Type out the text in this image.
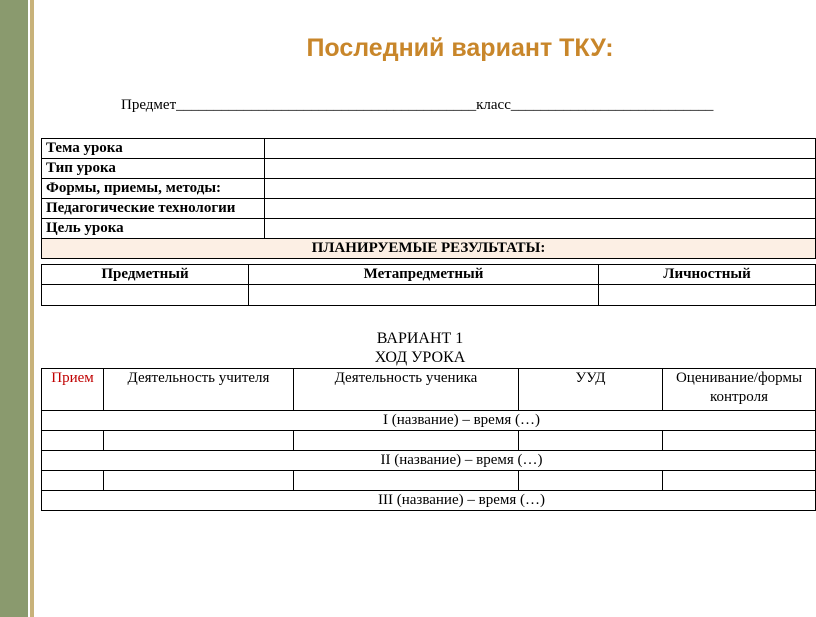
Последний вариант ТКУ:
Предмет________________________________________класс___________________________
Тема урока	
Тип урока	
Формы, приемы, методы:	
Педагогические технологии	
Цель урока	
ПЛАНИРУЕМЫЕ РЕЗУЛЬТАТЫ:	
Предметный	Метапредметный	Личностный

ВАРИАНТ 1
ХОД УРОКА
Прием	Деятельность учителя	Деятельность ученика	УУД	Оценивание/формы контроля
I (название) – время (…)				

II (название) – время (…)				

III (название) – время (…)				
